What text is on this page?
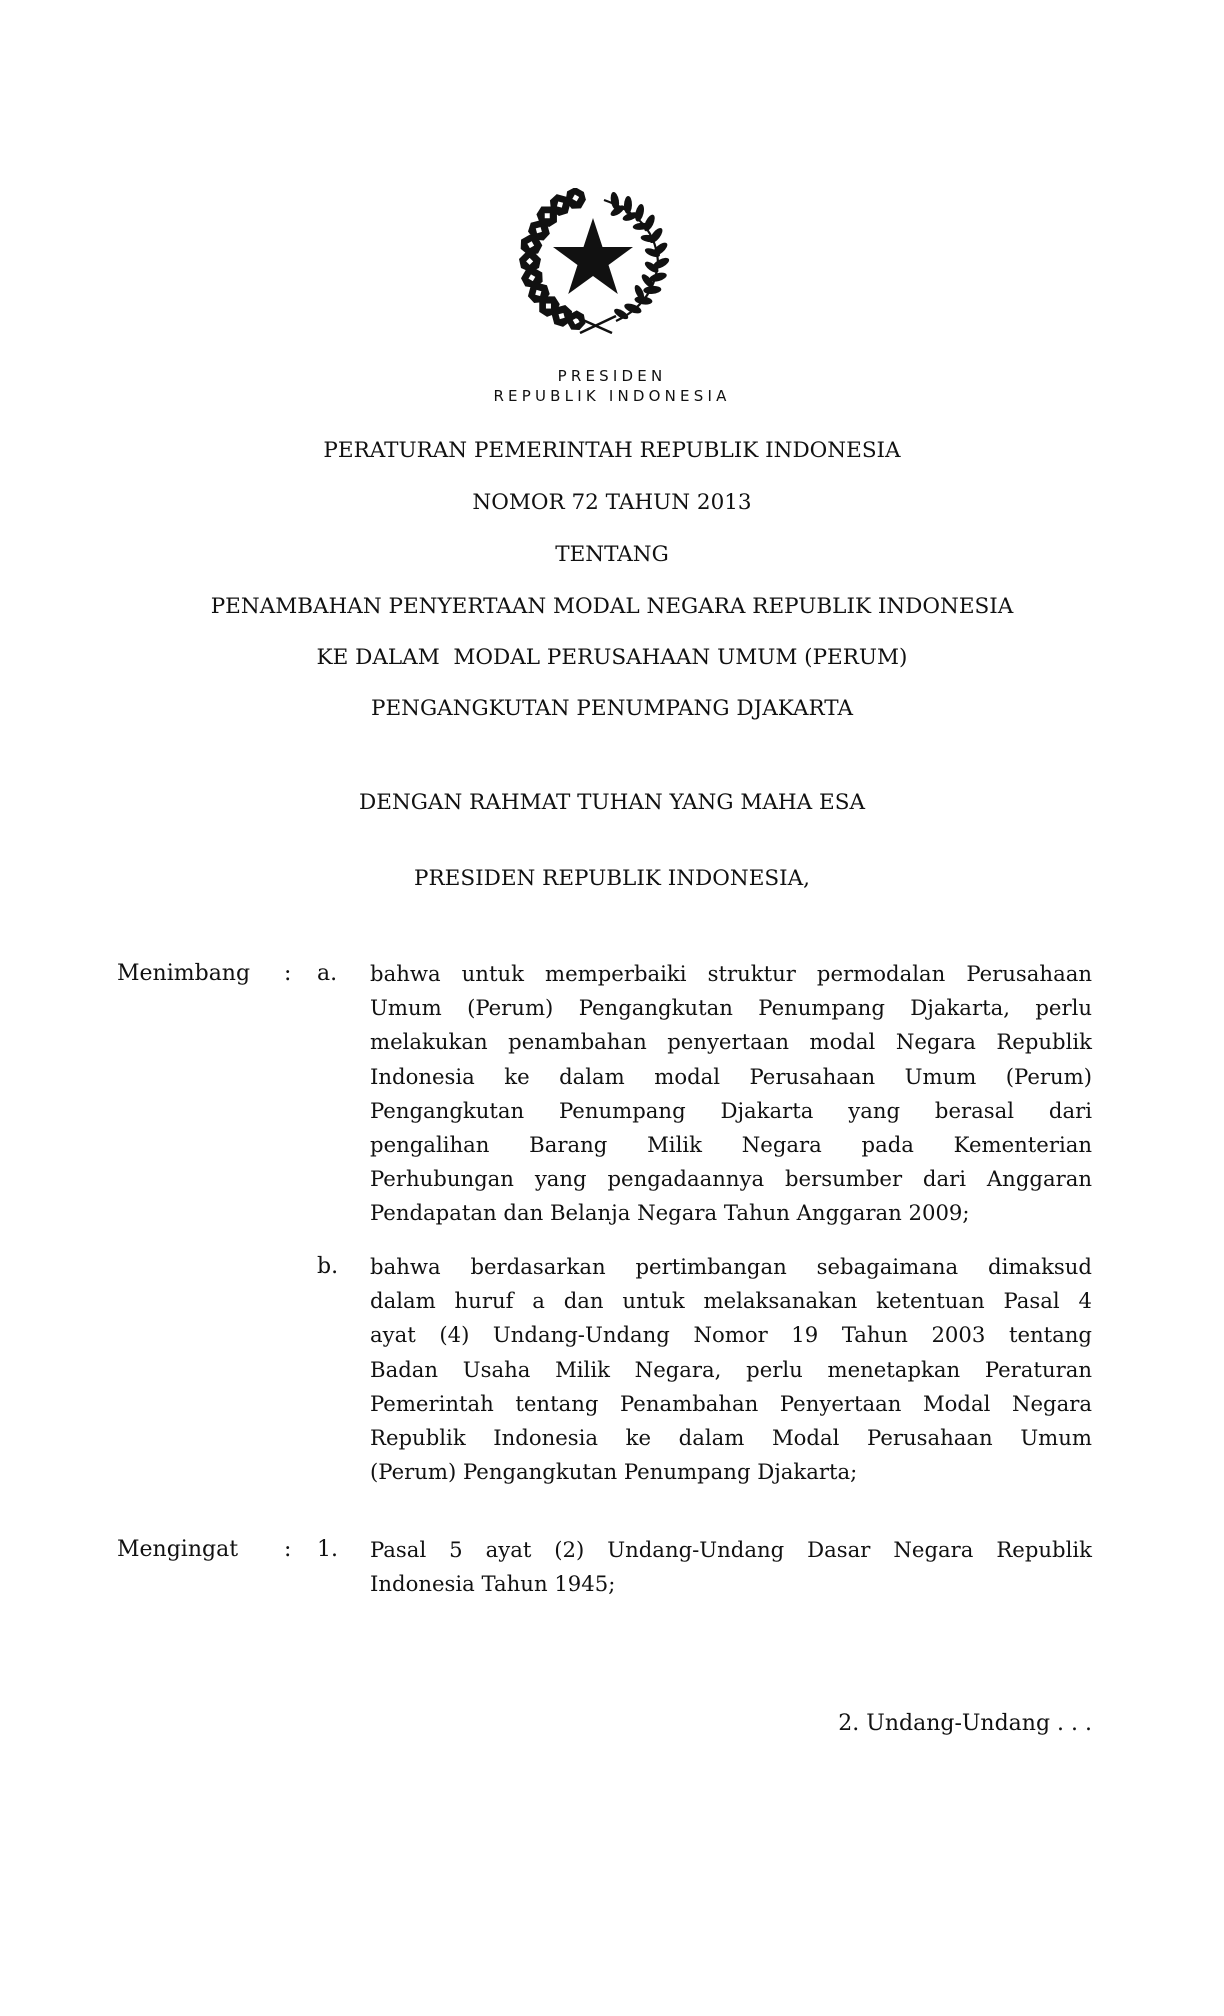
PRESIDEN
REPUBLIK INDONESIA
PERATURAN PEMERINTAH REPUBLIK INDONESIA
NOMOR 72 TAHUN 2013
TENTANG
PENAMBAHAN PENYERTAAN MODAL NEGARA REPUBLIK INDONESIA
KE DALAM  MODAL PERUSAHAAN UMUM (PERUM)
PENGANGKUTAN PENUMPANG DJAKARTA
DENGAN RAHMAT TUHAN YANG MAHA ESA
PRESIDEN REPUBLIK INDONESIA,
Menimbang : a. bahwa untuk memperbaiki struktur permodalan Perusahaan
Umum (Perum) Pengangkutan Penumpang Djakarta, perlu
melakukan penambahan penyertaan modal Negara Republik
Indonesia ke dalam modal Perusahaan Umum (Perum)
Pengangkutan Penumpang Djakarta yang berasal dari
pengalihan Barang Milik Negara pada Kementerian
Perhubungan yang pengadaannya bersumber dari Anggaran
Pendapatan dan Belanja Negara Tahun Anggaran 2009;
b. bahwa berdasarkan pertimbangan sebagaimana dimaksud
dalam huruf a dan untuk melaksanakan ketentuan Pasal 4
ayat (4) Undang-Undang Nomor 19 Tahun 2003 tentang
Badan Usaha Milik Negara, perlu menetapkan Peraturan
Pemerintah tentang Penambahan Penyertaan Modal Negara
Republik Indonesia ke dalam Modal Perusahaan Umum
(Perum) Pengangkutan Penumpang Djakarta;
Mengingat : 1. Pasal 5 ayat (2) Undang-Undang Dasar Negara Republik
Indonesia Tahun 1945;
2. Undang-Undang . . .
